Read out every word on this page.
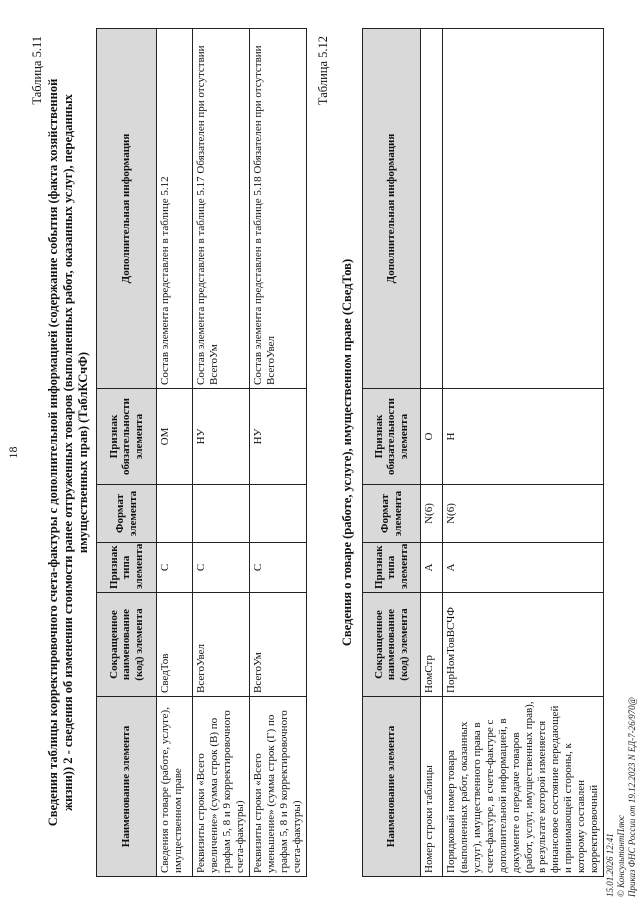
18
Таблица 5.11
Сведения таблицы корректировочного счета-фактуры с дополнительной информацией (содержание события (факта хозяйственной жизни)) 2 - сведения об изменении стоимости ранее отгруженных товаров (выполненных работ, оказанных услуг), переданных имущественных прав) (ТаблКСчФ)
Наименование элемента	Сокращенное наименование (код) элемента	Признак типа элемента	Формат элемента	Признак обязательности элемента	Дополнительная информация
Сведения о товаре (работе, услуге), имущественном праве	СведТов	С		ОМ	Состав элемента представлен в таблице 5.12
Реквизиты строки «Всего увеличение» (сумма строк (В) по графам 5, 8 и 9 корректировочного счета-фактуры)	ВсегоУвел	С		НУ	Состав элемента представлен в таблице 5.17 Обязателен при отсутствии ВсегоУм
Реквизиты строки «Всего уменьшение» (сумма строк (Г) по графам 5, 8 и 9 корректировочного счета-фактуры)	ВсегоУм	С		НУ	Состав элемента представлен в таблице 5.18 Обязателен при отсутствии ВсегоУвел
Таблица 5.12
Сведения о товаре (работе, услуге), имущественном праве (СведТов)
Наименование элемента	Сокращенное наименование (код) элемента	Признак типа элемента	Формат элемента	Признак обязательности элемента	Дополнительная информация
Номер строки таблицы	НомСтр	А	N(6)	О	
Порядковый номер товара (выполненных работ, оказанных услуг), имущественного права в счете-фактуре, в счете-фактуре с дополнительной информацией, в документе о передаче товаров (работ, услуг, имущественных прав), в результате которой изменяется финансовое состояние передающей и принимающей стороны, к которому составлен корректировочный	ПорНомТовВСЧФ	А	N(6)	Н	
15.01.2026 12:41 © КонсультантПлюс Приказ ФНС России от 19.12.2023 N ЕД-7-26/970@
